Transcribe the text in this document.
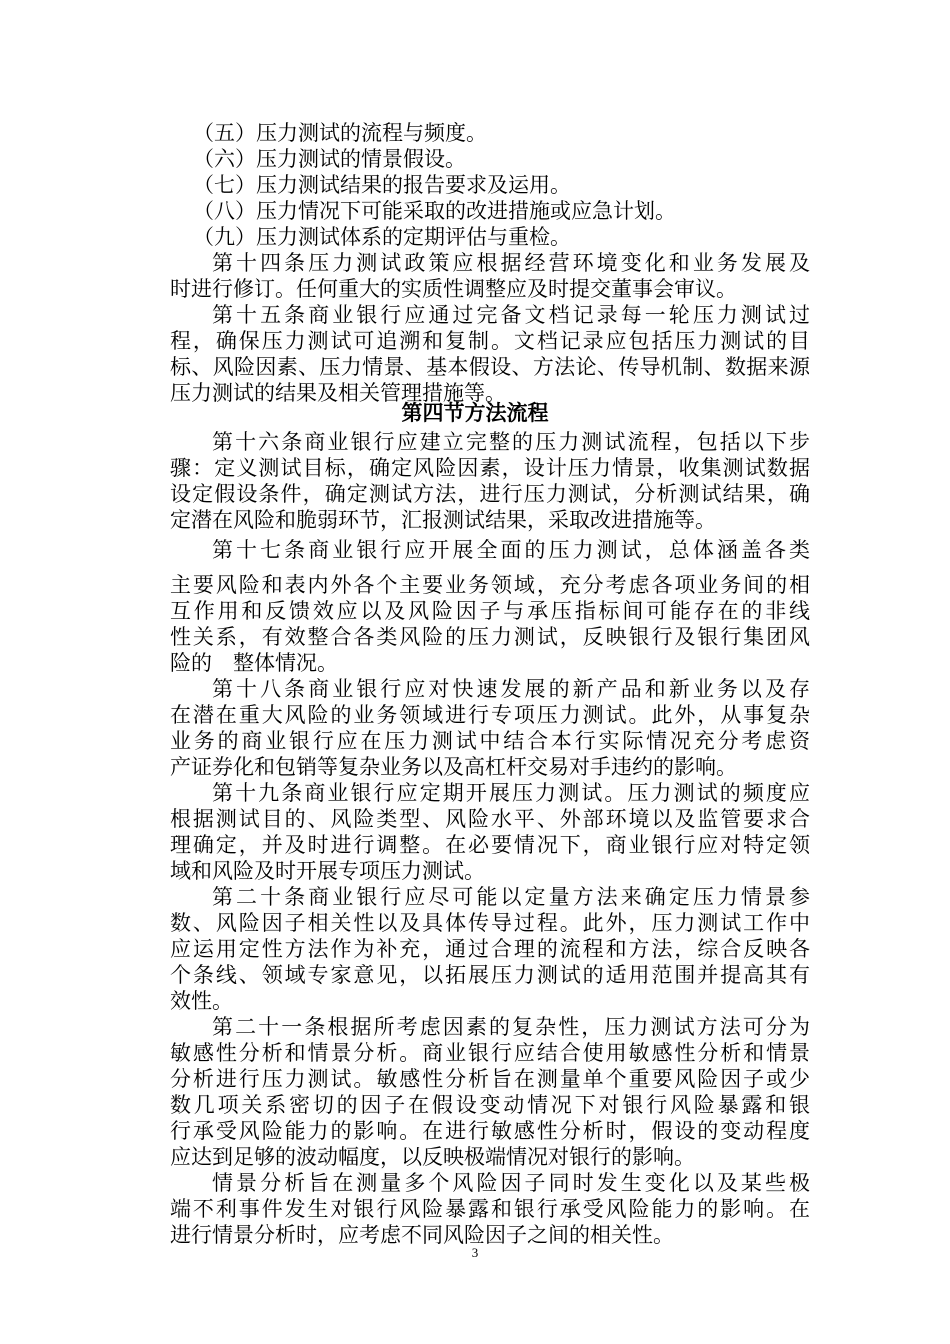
（五）压力测试的流程与频度。
（六）压力测试的情景假设。
（七）压力测试结果的报告要求及运用。
（八）压力情况下可能采取的改进措施或应急计划。
（九）压力测试体系的定期评估与重检。
第十四条压力测试政策应根据经营环境变化和业务发展及
时进行修订。任何重大的实质性调整应及时提交董事会审议。
第十五条商业银行应通过完备文档记录每一轮压力测试过
程，确保压力测试可追溯和复制。文档记录应包括压力测试的目
标、风险因素、压力情景、基本假设、方法论、传导机制、数据来源
压力测试的结果及相关管理措施等。
第四节方法流程
第十六条商业银行应建立完整的压力测试流程，包括以下步
骤：定义测试目标，确定风险因素，设计压力情景，收集测试数据
设定假设条件，确定测试方法，进行压力测试，分析测试结果，确
定潜在风险和脆弱环节，汇报测试结果，采取改进措施等。
第十七条商业银行应开展全面的压力测试，总体涵盖各类
主要风险和表内外各个主要业务领域，充分考虑各项业务间的相
互作用和反馈效应以及风险因子与承压指标间可能存在的非线
性关系，有效整合各类风险的压力测试，反映银行及银行集团风
险的　整体情况。
第十八条商业银行应对快速发展的新产品和新业务以及存
在潜在重大风险的业务领域进行专项压力测试。此外，从事复杂
业务的商业银行应在压力测试中结合本行实际情况充分考虑资
产证券化和包销等复杂业务以及高杠杆交易对手违约的影响。
第十九条商业银行应定期开展压力测试。压力测试的频度应
根据测试目的、风险类型、风险水平、外部环境以及监管要求合
理确定，并及时进行调整。在必要情况下，商业银行应对特定领
域和风险及时开展专项压力测试。
第二十条商业银行应尽可能以定量方法来确定压力情景参
数、风险因子相关性以及具体传导过程。此外，压力测试工作中
应运用定性方法作为补充，通过合理的流程和方法，综合反映各
个条线、领域专家意见，以拓展压力测试的适用范围并提高其有
效性。
第二十一条根据所考虑因素的复杂性，压力测试方法可分为
敏感性分析和情景分析。商业银行应结合使用敏感性分析和情景
分析进行压力测试。敏感性分析旨在测量单个重要风险因子或少
数几项关系密切的因子在假设变动情况下对银行风险暴露和银
行承受风险能力的影响。在进行敏感性分析时，假设的变动程度
应达到足够的波动幅度，以反映极端情况对银行的影响。
情景分析旨在测量多个风险因子同时发生变化以及某些极
端不利事件发生对银行风险暴露和银行承受风险能力的影响。在
进行情景分析时，应考虑不同风险因子之间的相关性。
3
